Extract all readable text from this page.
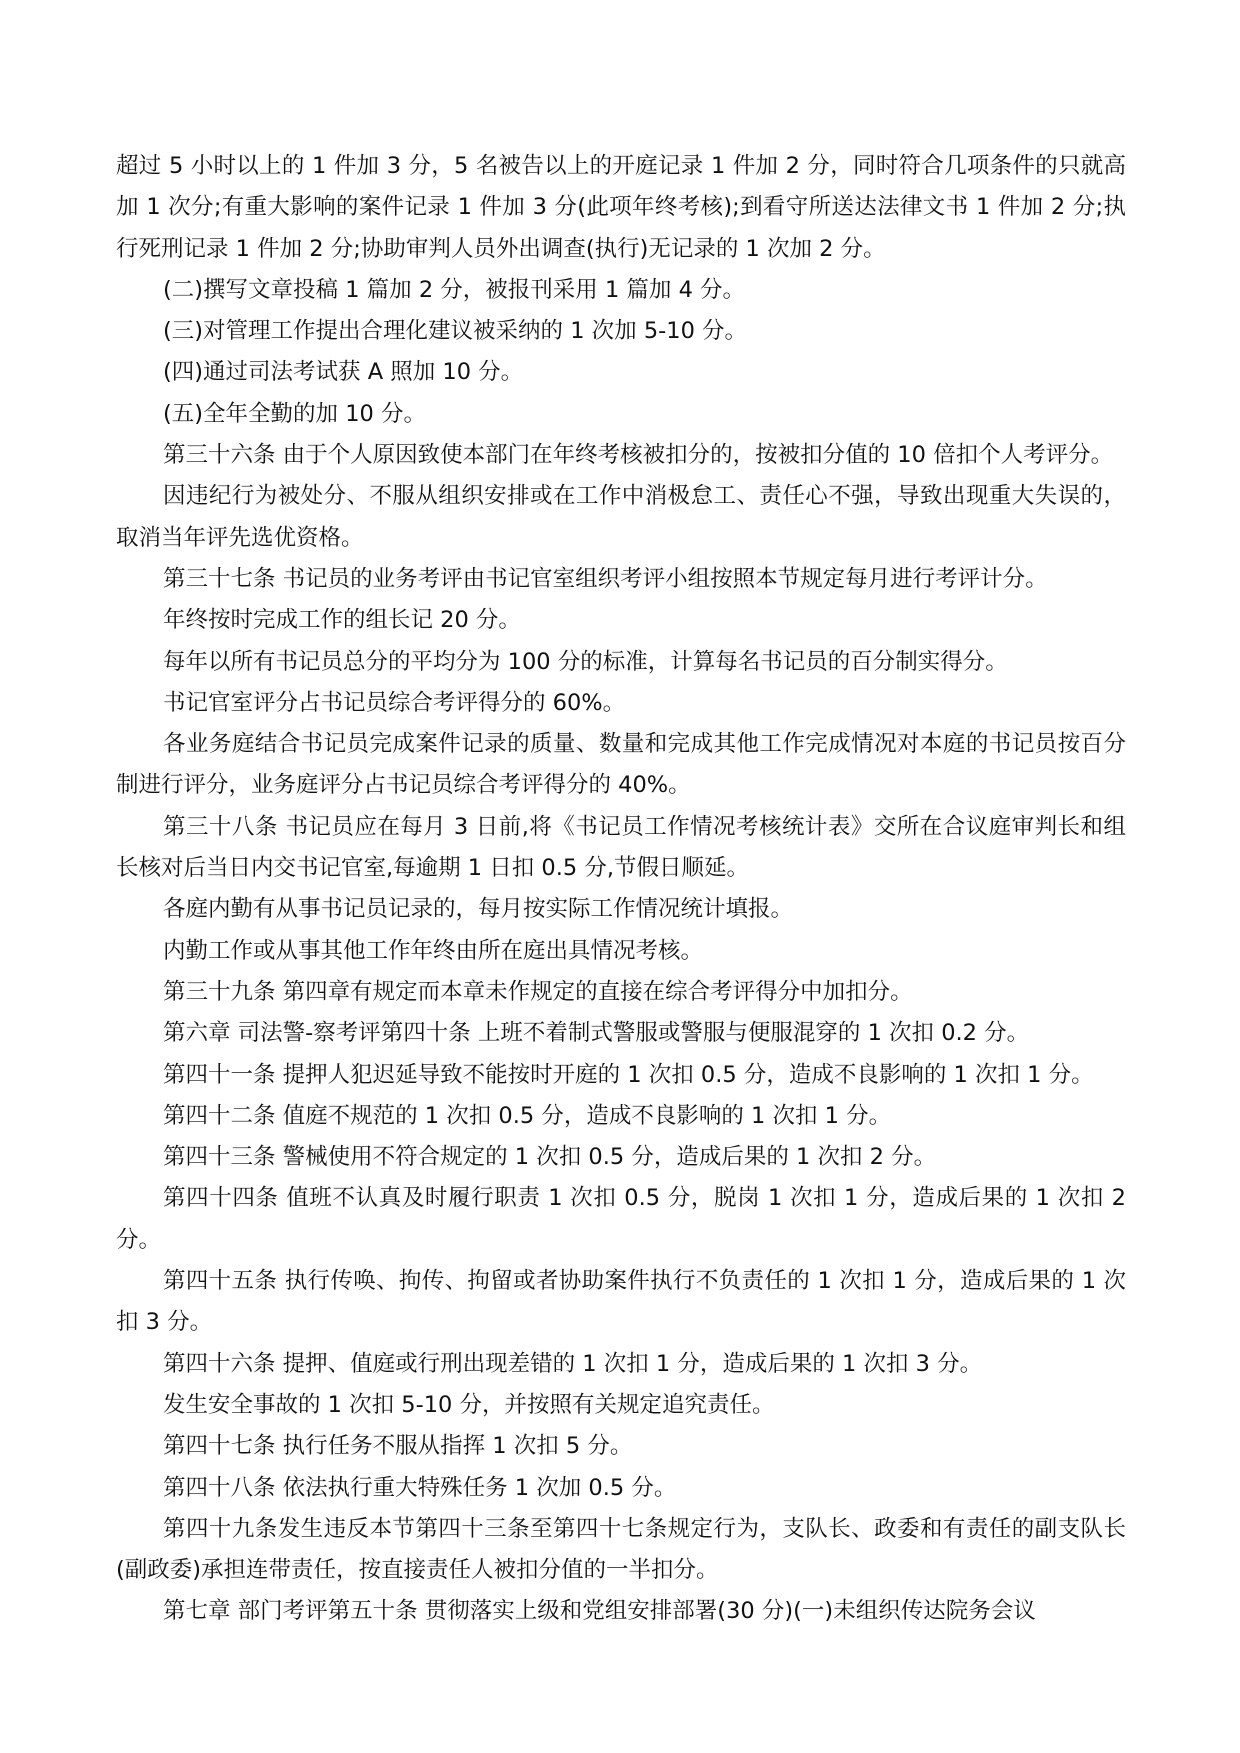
超过 5 小时以上的 1 件加 3 分，5 名被告以上的开庭记录 1 件加 2 分，同时符合几项条件的只就高加 1 次分;有重大影响的案件记录 1 件加 3 分(此项年终考核);到看守所送达法律文书 1 件加 2 分;执行死刑记录 1 件加 2 分;协助审判人员外出调查(执行)无记录的 1 次加 2 分。

(二)撰写文章投稿 1 篇加 2 分，被报刊采用 1 篇加 4 分。

(三)对管理工作提出合理化建议被采纳的 1 次加 5-10 分。

(四)通过司法考试获 A 照加 10 分。

(五)全年全勤的加 10 分。

第三十六条 由于个人原因致使本部门在年终考核被扣分的，按被扣分值的 10 倍扣个人考评分。

因违纪行为被处分、不服从组织安排或在工作中消极怠工、责任心不强，导致出现重大失误的，取消当年评先选优资格。

第三十七条 书记员的业务考评由书记官室组织考评小组按照本节规定每月进行考评计分。

年终按时完成工作的组长记 20 分。

每年以所有书记员总分的平均分为 100 分的标准，计算每名书记员的百分制实得分。

书记官室评分占书记员综合考评得分的 60%。

各业务庭结合书记员完成案件记录的质量、数量和完成其他工作完成情况对本庭的书记员按百分制进行评分，业务庭评分占书记员综合考评得分的 40%。

第三十八条 书记员应在每月 3 日前,将《书记员工作情况考核统计表》交所在合议庭审判长和组长核对后当日内交书记官室,每逾期 1 日扣 0.5 分,节假日顺延。

各庭内勤有从事书记员记录的，每月按实际工作情况统计填报。

内勤工作或从事其他工作年终由所在庭出具情况考核。

第三十九条 第四章有规定而本章未作规定的直接在综合考评得分中加扣分。

第六章 司法警-察考评第四十条 上班不着制式警服或警服与便服混穿的 1 次扣 0.2 分。

第四十一条 提押人犯迟延导致不能按时开庭的 1 次扣 0.5 分，造成不良影响的 1 次扣 1 分。

第四十二条 值庭不规范的 1 次扣 0.5 分，造成不良影响的 1 次扣 1 分。

第四十三条 警械使用不符合规定的 1 次扣 0.5 分，造成后果的 1 次扣 2 分。

第四十四条 值班不认真及时履行职责 1 次扣 0.5 分，脱岗 1 次扣 1 分，造成后果的 1 次扣 2 分。

第四十五条 执行传唤、拘传、拘留或者协助案件执行不负责任的 1 次扣 1 分，造成后果的 1 次扣 3 分。

第四十六条 提押、值庭或行刑出现差错的 1 次扣 1 分，造成后果的 1 次扣 3 分。

发生安全事故的 1 次扣 5-10 分，并按照有关规定追究责任。

第四十七条 执行任务不服从指挥 1 次扣 5 分。

第四十八条 依法执行重大特殊任务 1 次加 0.5 分。

第四十九条发生违反本节第四十三条至第四十七条规定行为，支队长、政委和有责任的副支队长(副政委)承担连带责任，按直接责任人被扣分值的一半扣分。

第七章 部门考评第五十条 贯彻落实上级和党组安排部署(30 分)(一)未组织传达院务会议
